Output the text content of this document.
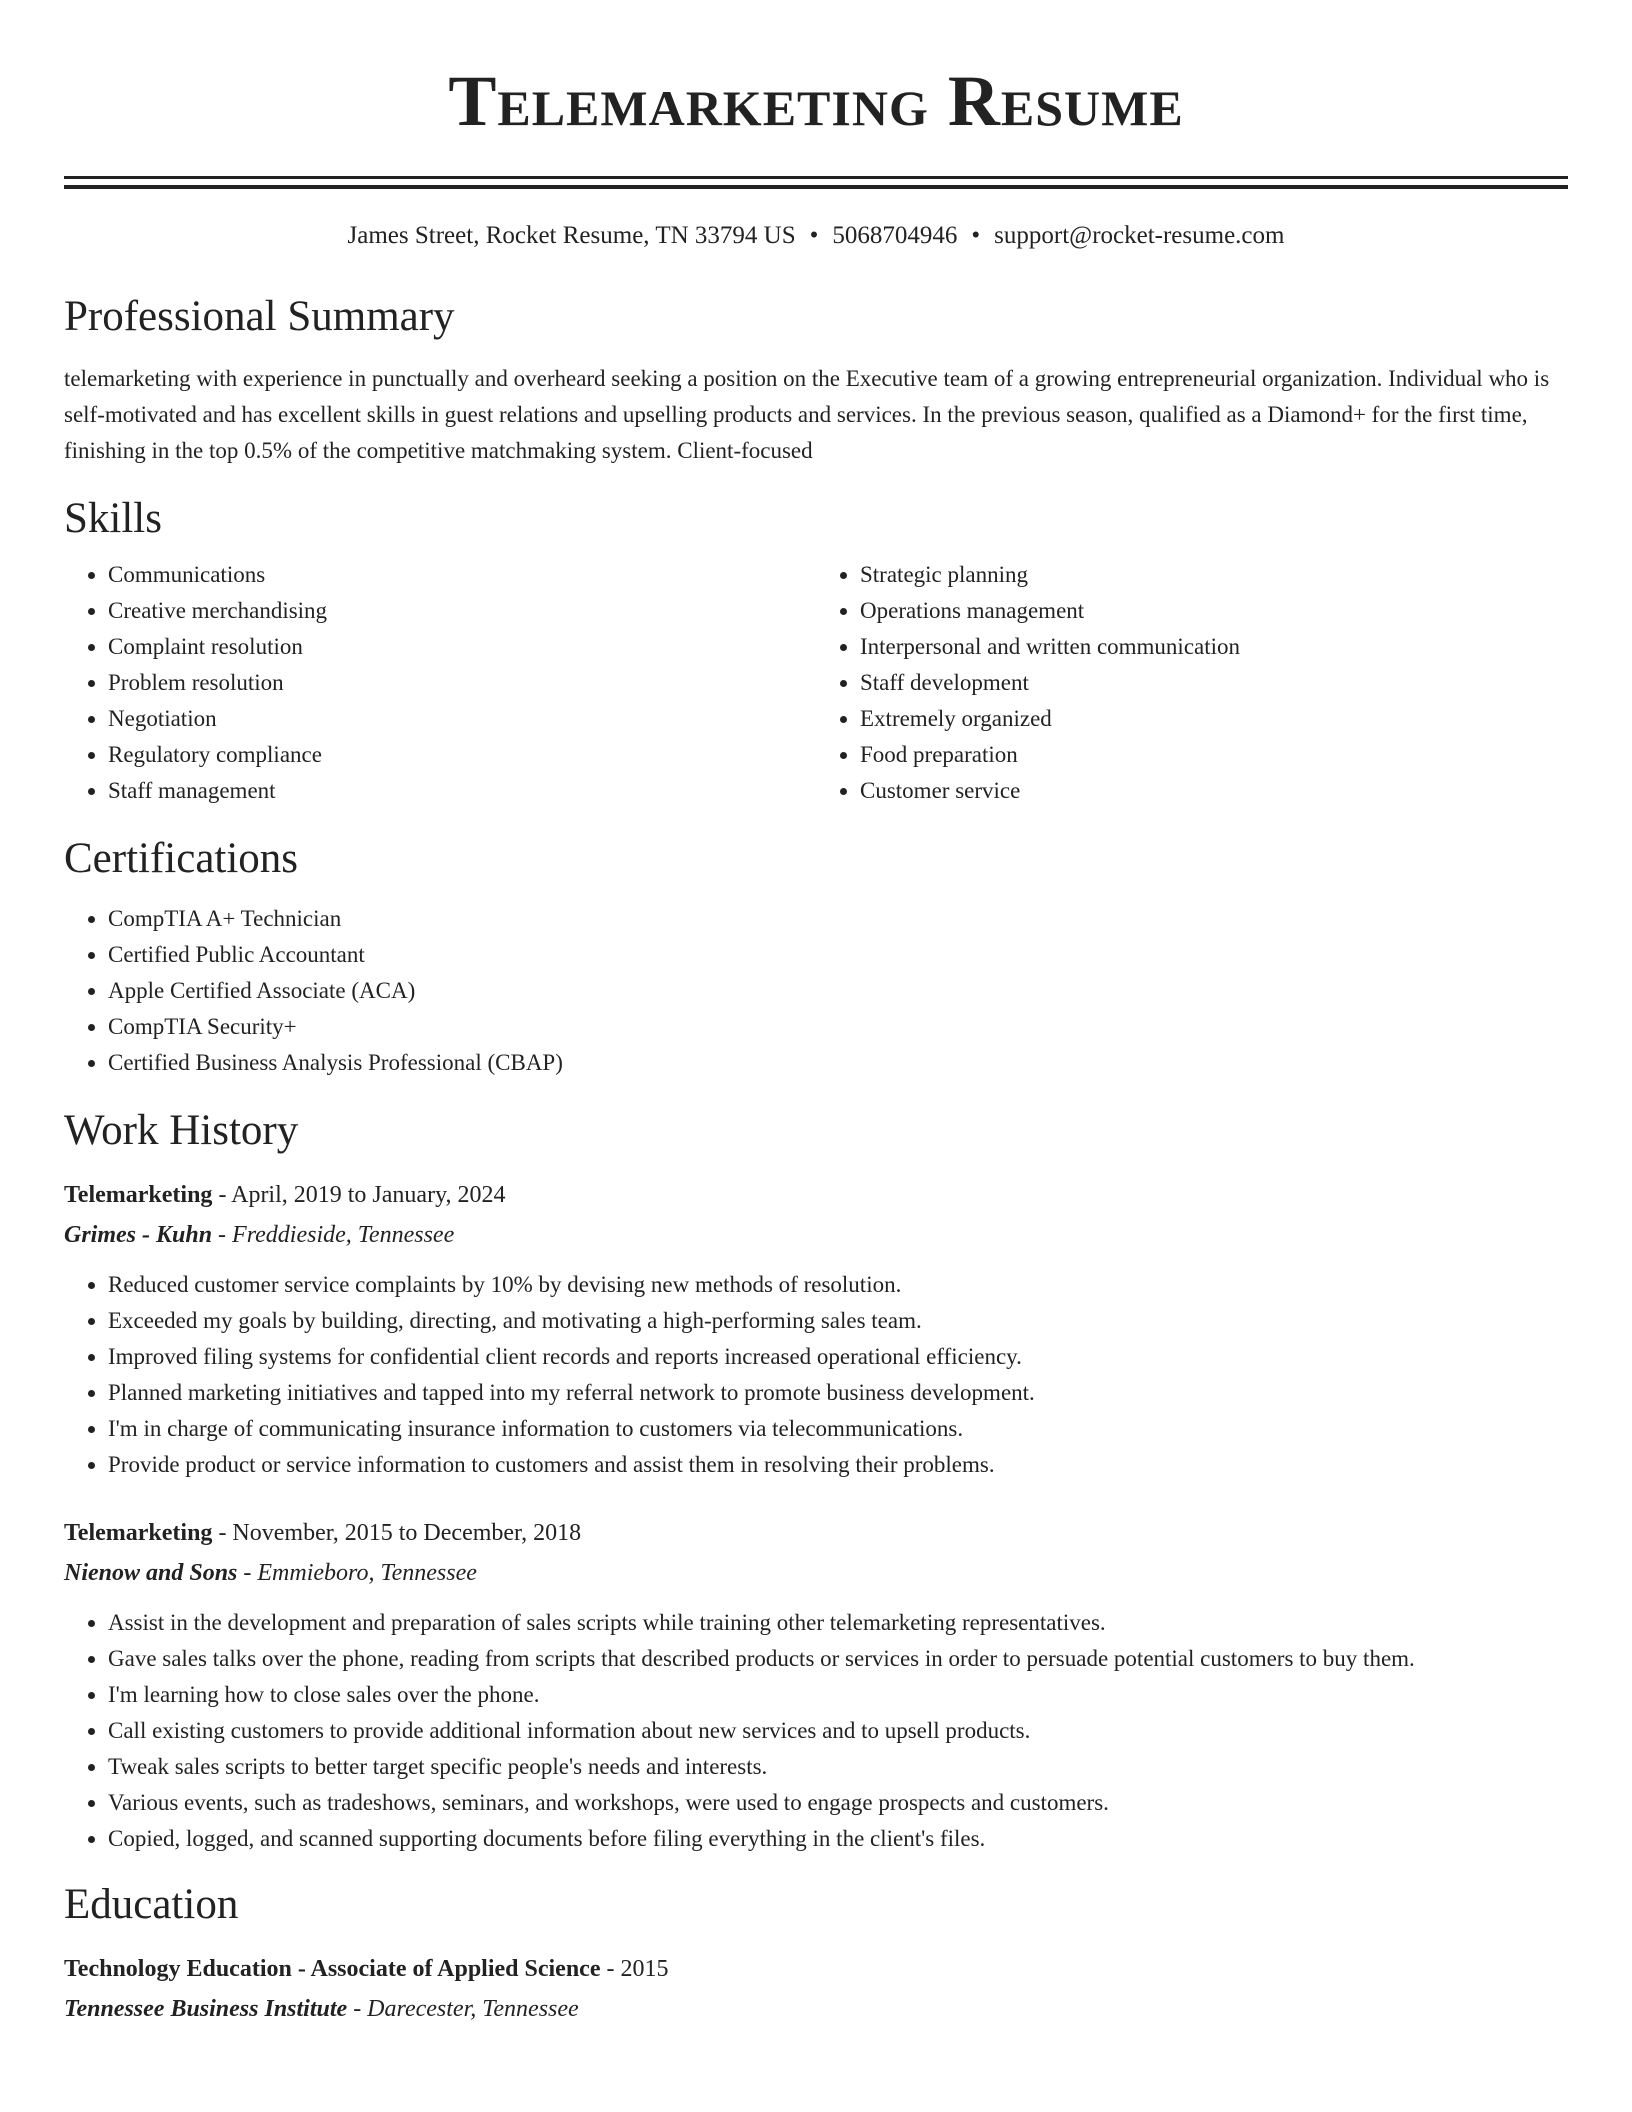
Telemarketing Resume
James Street, Rocket Resume, TN 33794 US • 5068704946 • support@rocket-resume.com
Professional Summary
telemarketing with experience in punctually and overheard seeking a position on the Executive team of a growing entrepreneurial organization. Individual who is self-motivated and has excellent skills in guest relations and upselling products and services. In the previous season, qualified as a Diamond+ for the first time, finishing in the top 0.5% of the competitive matchmaking system. Client-focused
Skills
• Communications
• Creative merchandising
• Complaint resolution
• Problem resolution
• Negotiation
• Regulatory compliance
• Staff management
• Strategic planning
• Operations management
• Interpersonal and written communication
• Staff development
• Extremely organized
• Food preparation
• Customer service
Certifications
• CompTIA A+ Technician
• Certified Public Accountant
• Apple Certified Associate (ACA)
• CompTIA Security+
• Certified Business Analysis Professional (CBAP)
Work History
Telemarketing - April, 2019 to January, 2024
Grimes - Kuhn - Freddieside, Tennessee
• Reduced customer service complaints by 10% by devising new methods of resolution.
• Exceeded my goals by building, directing, and motivating a high-performing sales team.
• Improved filing systems for confidential client records and reports increased operational efficiency.
• Planned marketing initiatives and tapped into my referral network to promote business development.
• I'm in charge of communicating insurance information to customers via telecommunications.
• Provide product or service information to customers and assist them in resolving their problems.
Telemarketing - November, 2015 to December, 2018
Nienow and Sons - Emmieboro, Tennessee
• Assist in the development and preparation of sales scripts while training other telemarketing representatives.
• Gave sales talks over the phone, reading from scripts that described products or services in order to persuade potential customers to buy them.
• I'm learning how to close sales over the phone.
• Call existing customers to provide additional information about new services and to upsell products.
• Tweak sales scripts to better target specific people's needs and interests.
• Various events, such as tradeshows, seminars, and workshops, were used to engage prospects and customers.
• Copied, logged, and scanned supporting documents before filing everything in the client's files.
Education
Technology Education - Associate of Applied Science - 2015
Tennessee Business Institute - Darecester, Tennessee
